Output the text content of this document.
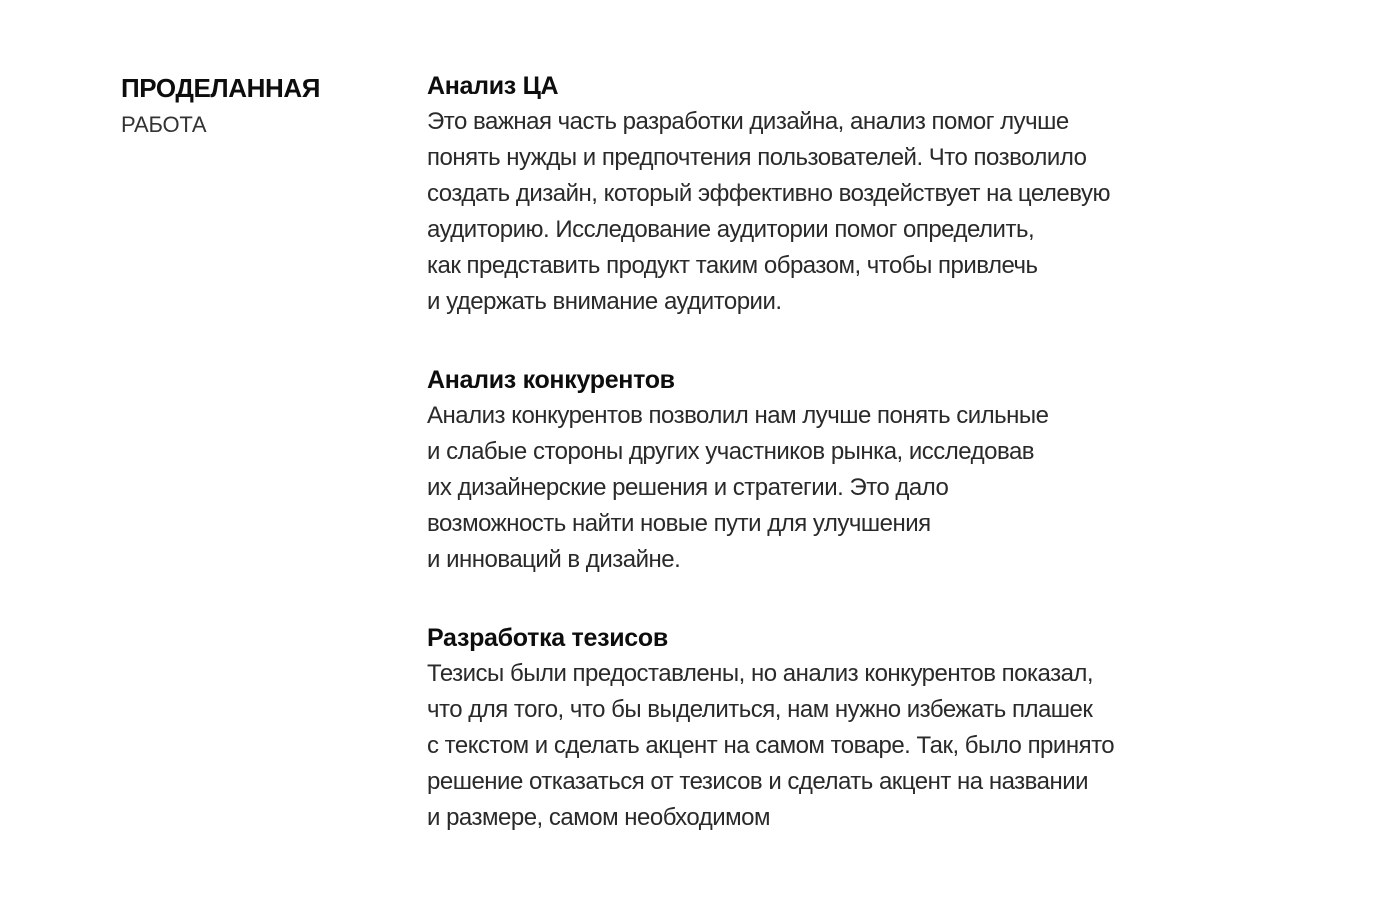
ПРОДЕЛАННАЯ
РАБОТА
Анализ ЦА
Это важная часть разработки дизайна, анализ помог лучше
понять нужды и предпочтения пользователей. Что позволило
создать дизайн, который эффективно воздействует на целевую
аудиторию. Исследование аудитории помог определить,
как представить продукт таким образом, чтобы привлечь
и удержать внимание аудитории.
Анализ конкурентов
Анализ конкурентов позволил нам лучше понять сильные
и слабые стороны других участников рынка, исследовав
их дизайнерские решения и стратегии. Это дало
возможность найти новые пути для улучшения
и инноваций в дизайне.
Разработка тезисов
Тезисы были предоставлены, но анализ конкурентов показал,
что для того, что бы выделиться, нам нужно избежать плашек
с текстом и сделать акцент на самом товаре. Так, было принято
решение отказаться от тезисов и сделать акцент на названии
и размере, самом необходимом
